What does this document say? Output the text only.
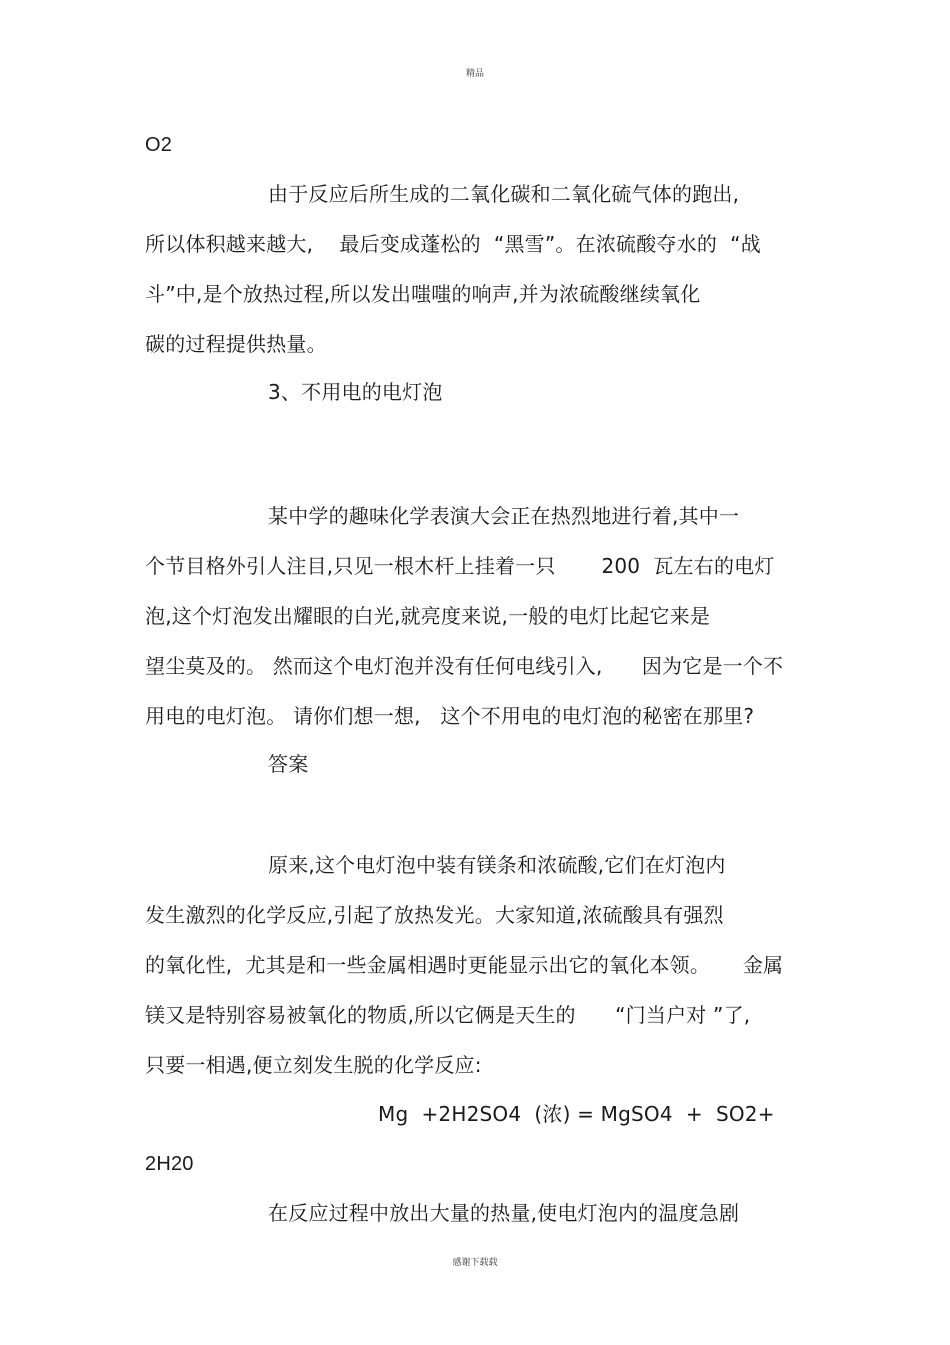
精品
O2
由于反应后所生成的二氧化碳和二氧化硫气体的跑出,
所以体积越来越大,    最后变成蓬松的  “黑雪”。在浓硫酸夺水的  “战
斗”中,是个放热过程,所以发出嗤嗤的响声,并为浓硫酸继续氧化
碳的过程提供热量。
3、不用电的电灯泡
某中学的趣味化学表演大会正在热烈地进行着,其中一
个节目格外引人注目,只见一根木杆上挂着一只       200  瓦左右的电灯
泡,这个灯泡发出耀眼的白光,就亮度来说,一般的电灯比起它来是
望尘莫及的。 然而这个电灯泡并没有任何电线引入,      因为它是一个不
用电的电灯泡。 请你们想一想,   这个不用电的电灯泡的秘密在那里?
答案
原来,这个电灯泡中装有镁条和浓硫酸,它们在灯泡内
发生激烈的化学反应,引起了放热发光。大家知道,浓硫酸具有强烈
的氧化性,  尤其是和一些金属相遇时更能显示出它的氧化本领。     金属
镁又是特别容易被氧化的物质,所以它俩是天生的      “门当户对 ”了,
只要一相遇,便立刻发生脱的化学反应:
Mg  +2H2SO4  (浓) = MgSO4  +  SO2+
2H20
在反应过程中放出大量的热量,使电灯泡内的温度急剧
感谢下载载
